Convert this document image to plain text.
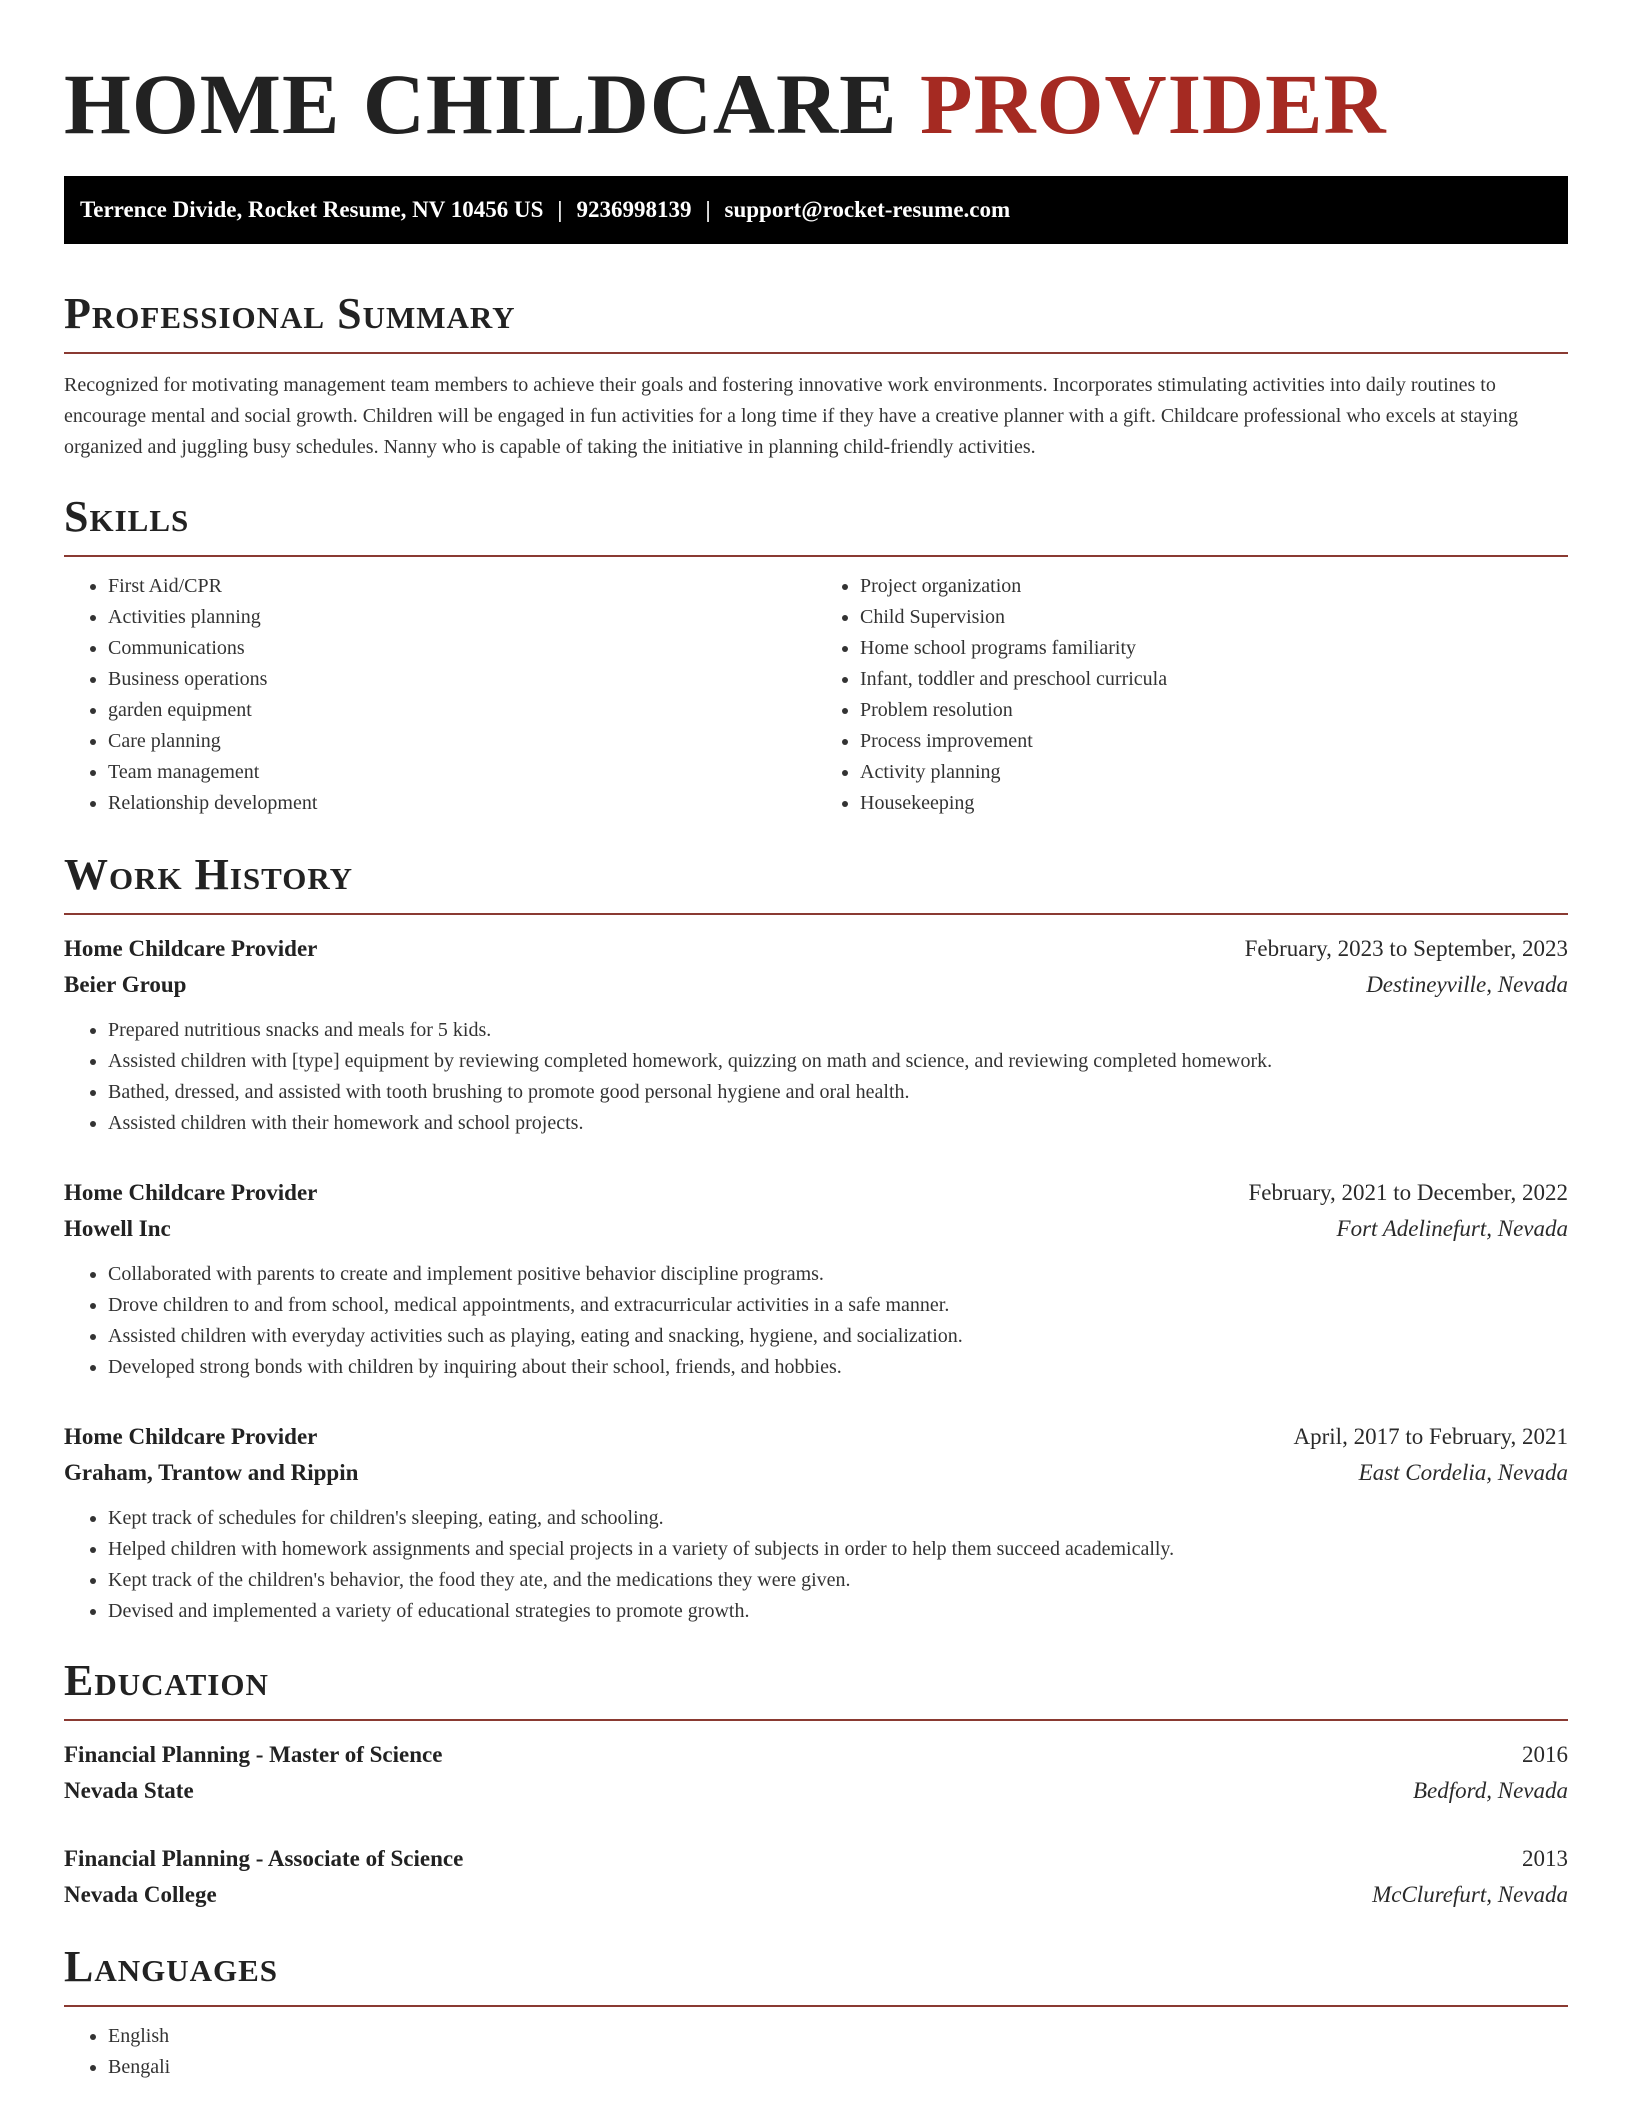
HOME CHILDCARE PROVIDER
Terrence Divide, Rocket Resume, NV 10456 US | 9236998139 | support@rocket-resume.com
Professional Summary

Recognized for motivating management team members to achieve their goals and fostering innovative work environments. Incorporates stimulating activities into daily routines to encourage mental and social growth. Children will be engaged in fun activities for a long time if they have a creative planner with a gift. Childcare professional who excels at staying organized and juggling busy schedules. Nanny who is capable of taking the initiative in planning child-friendly activities.

Skills
• First Aid/CPR
• Activities planning
• Communications
• Business operations
• garden equipment
• Care planning
• Team management
• Relationship development
• Project organization
• Child Supervision
• Home school programs familiarity
• Infant, toddler and preschool curricula
• Problem resolution
• Process improvement
• Activity planning
• Housekeeping
Work History
Home Childcare Provider	February, 2023 to September, 2023
Beier Group	Destineyville, Nevada
• Prepared nutritious snacks and meals for 5 kids.
• Assisted children with [type] equipment by reviewing completed homework, quizzing on math and science, and reviewing completed homework.
• Bathed, dressed, and assisted with tooth brushing to promote good personal hygiene and oral health.
• Assisted children with their homework and school projects.
Home Childcare Provider	February, 2021 to December, 2022
Howell Inc	Fort Adelinefurt, Nevada
• Collaborated with parents to create and implement positive behavior discipline programs.
• Drove children to and from school, medical appointments, and extracurricular activities in a safe manner.
• Assisted children with everyday activities such as playing, eating and snacking, hygiene, and socialization.
• Developed strong bonds with children by inquiring about their school, friends, and hobbies.
Home Childcare Provider	April, 2017 to February, 2021
Graham, Trantow and Rippin	East Cordelia, Nevada
• Kept track of schedules for children's sleeping, eating, and schooling.
• Helped children with homework assignments and special projects in a variety of subjects in order to help them succeed academically.
• Kept track of the children's behavior, the food they ate, and the medications they were given.
• Devised and implemented a variety of educational strategies to promote growth.
Education
Financial Planning - Master of Science	2016
Nevada State	Bedford, Nevada
Financial Planning - Associate of Science	2013
Nevada College	McClurefurt, Nevada
Languages
• English
• Bengali
